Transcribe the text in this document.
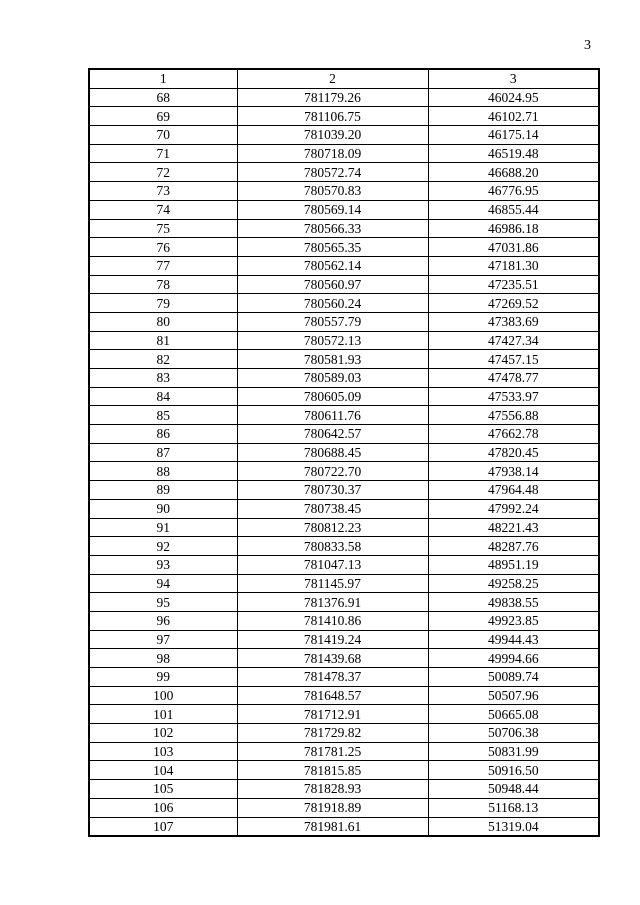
3
1	2	3
68	781179.26	46024.95
69	781106.75	46102.71
70	781039.20	46175.14
71	780718.09	46519.48
72	780572.74	46688.20
73	780570.83	46776.95
74	780569.14	46855.44
75	780566.33	46986.18
76	780565.35	47031.86
77	780562.14	47181.30
78	780560.97	47235.51
79	780560.24	47269.52
80	780557.79	47383.69
81	780572.13	47427.34
82	780581.93	47457.15
83	780589.03	47478.77
84	780605.09	47533.97
85	780611.76	47556.88
86	780642.57	47662.78
87	780688.45	47820.45
88	780722.70	47938.14
89	780730.37	47964.48
90	780738.45	47992.24
91	780812.23	48221.43
92	780833.58	48287.76
93	781047.13	48951.19
94	781145.97	49258.25
95	781376.91	49838.55
96	781410.86	49923.85
97	781419.24	49944.43
98	781439.68	49994.66
99	781478.37	50089.74
100	781648.57	50507.96
101	781712.91	50665.08
102	781729.82	50706.38
103	781781.25	50831.99
104	781815.85	50916.50
105	781828.93	50948.44
106	781918.89	51168.13
107	781981.61	51319.04
